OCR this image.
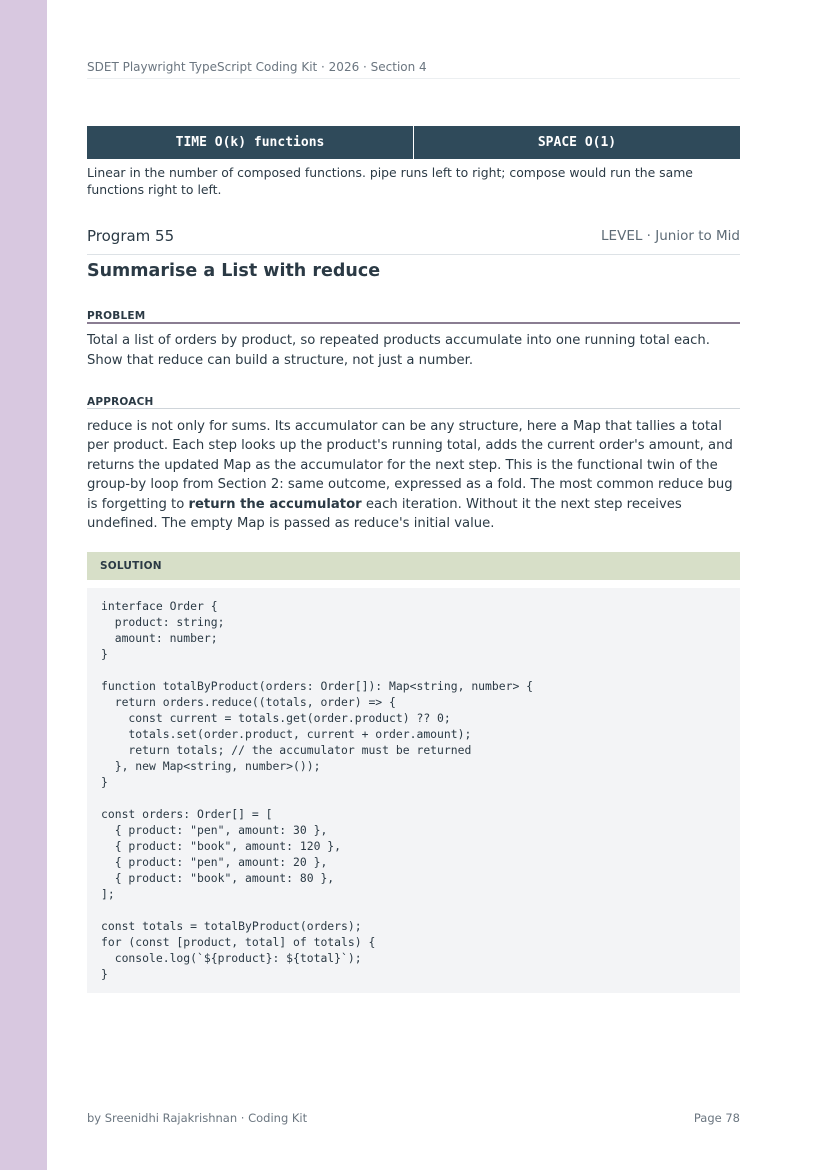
SDET Playwright TypeScript Coding Kit · 2026 · Section 4
TIME O(k) functions	SPACE O(1)
Linear in the number of composed functions. pipe runs left to right; compose would run the same functions right to left.
Program 55	LEVEL · Junior to Mid
Summarise a List with reduce
PROBLEM
Total a list of orders by product, so repeated products accumulate into one running total each. Show that reduce can build a structure, not just a number.
APPROACH
reduce is not only for sums. Its accumulator can be any structure, here a Map that tallies a total per product. Each step looks up the product's running total, adds the current order's amount, and returns the updated Map as the accumulator for the next step. This is the functional twin of the group-by loop from Section 2: same outcome, expressed as a fold. The most common reduce bug is forgetting to return the accumulator each iteration. Without it the next step receives undefined. The empty Map is passed as reduce's initial value.
SOLUTION
interface Order {
product: string;
amount: number;
}

function totalByProduct(orders: Order[]): Map<string, number> {
return orders.reduce((totals, order) => {
const current = totals.get(order.product) ?? 0;
totals.set(order.product, current + order.amount);
return totals; // the accumulator must be returned
}, new Map<string, number>());
}

const orders: Order[] = [
{ product: "pen", amount: 30 },
{ product: "book", amount: 120 },
{ product: "pen", amount: 20 },
{ product: "book", amount: 80 },
];

const totals = totalByProduct(orders);
for (const [product, total] of totals) {
console.log(`${product}: ${total}`);
}
by Sreenidhi Rajakrishnan · Coding Kit	Page 78
